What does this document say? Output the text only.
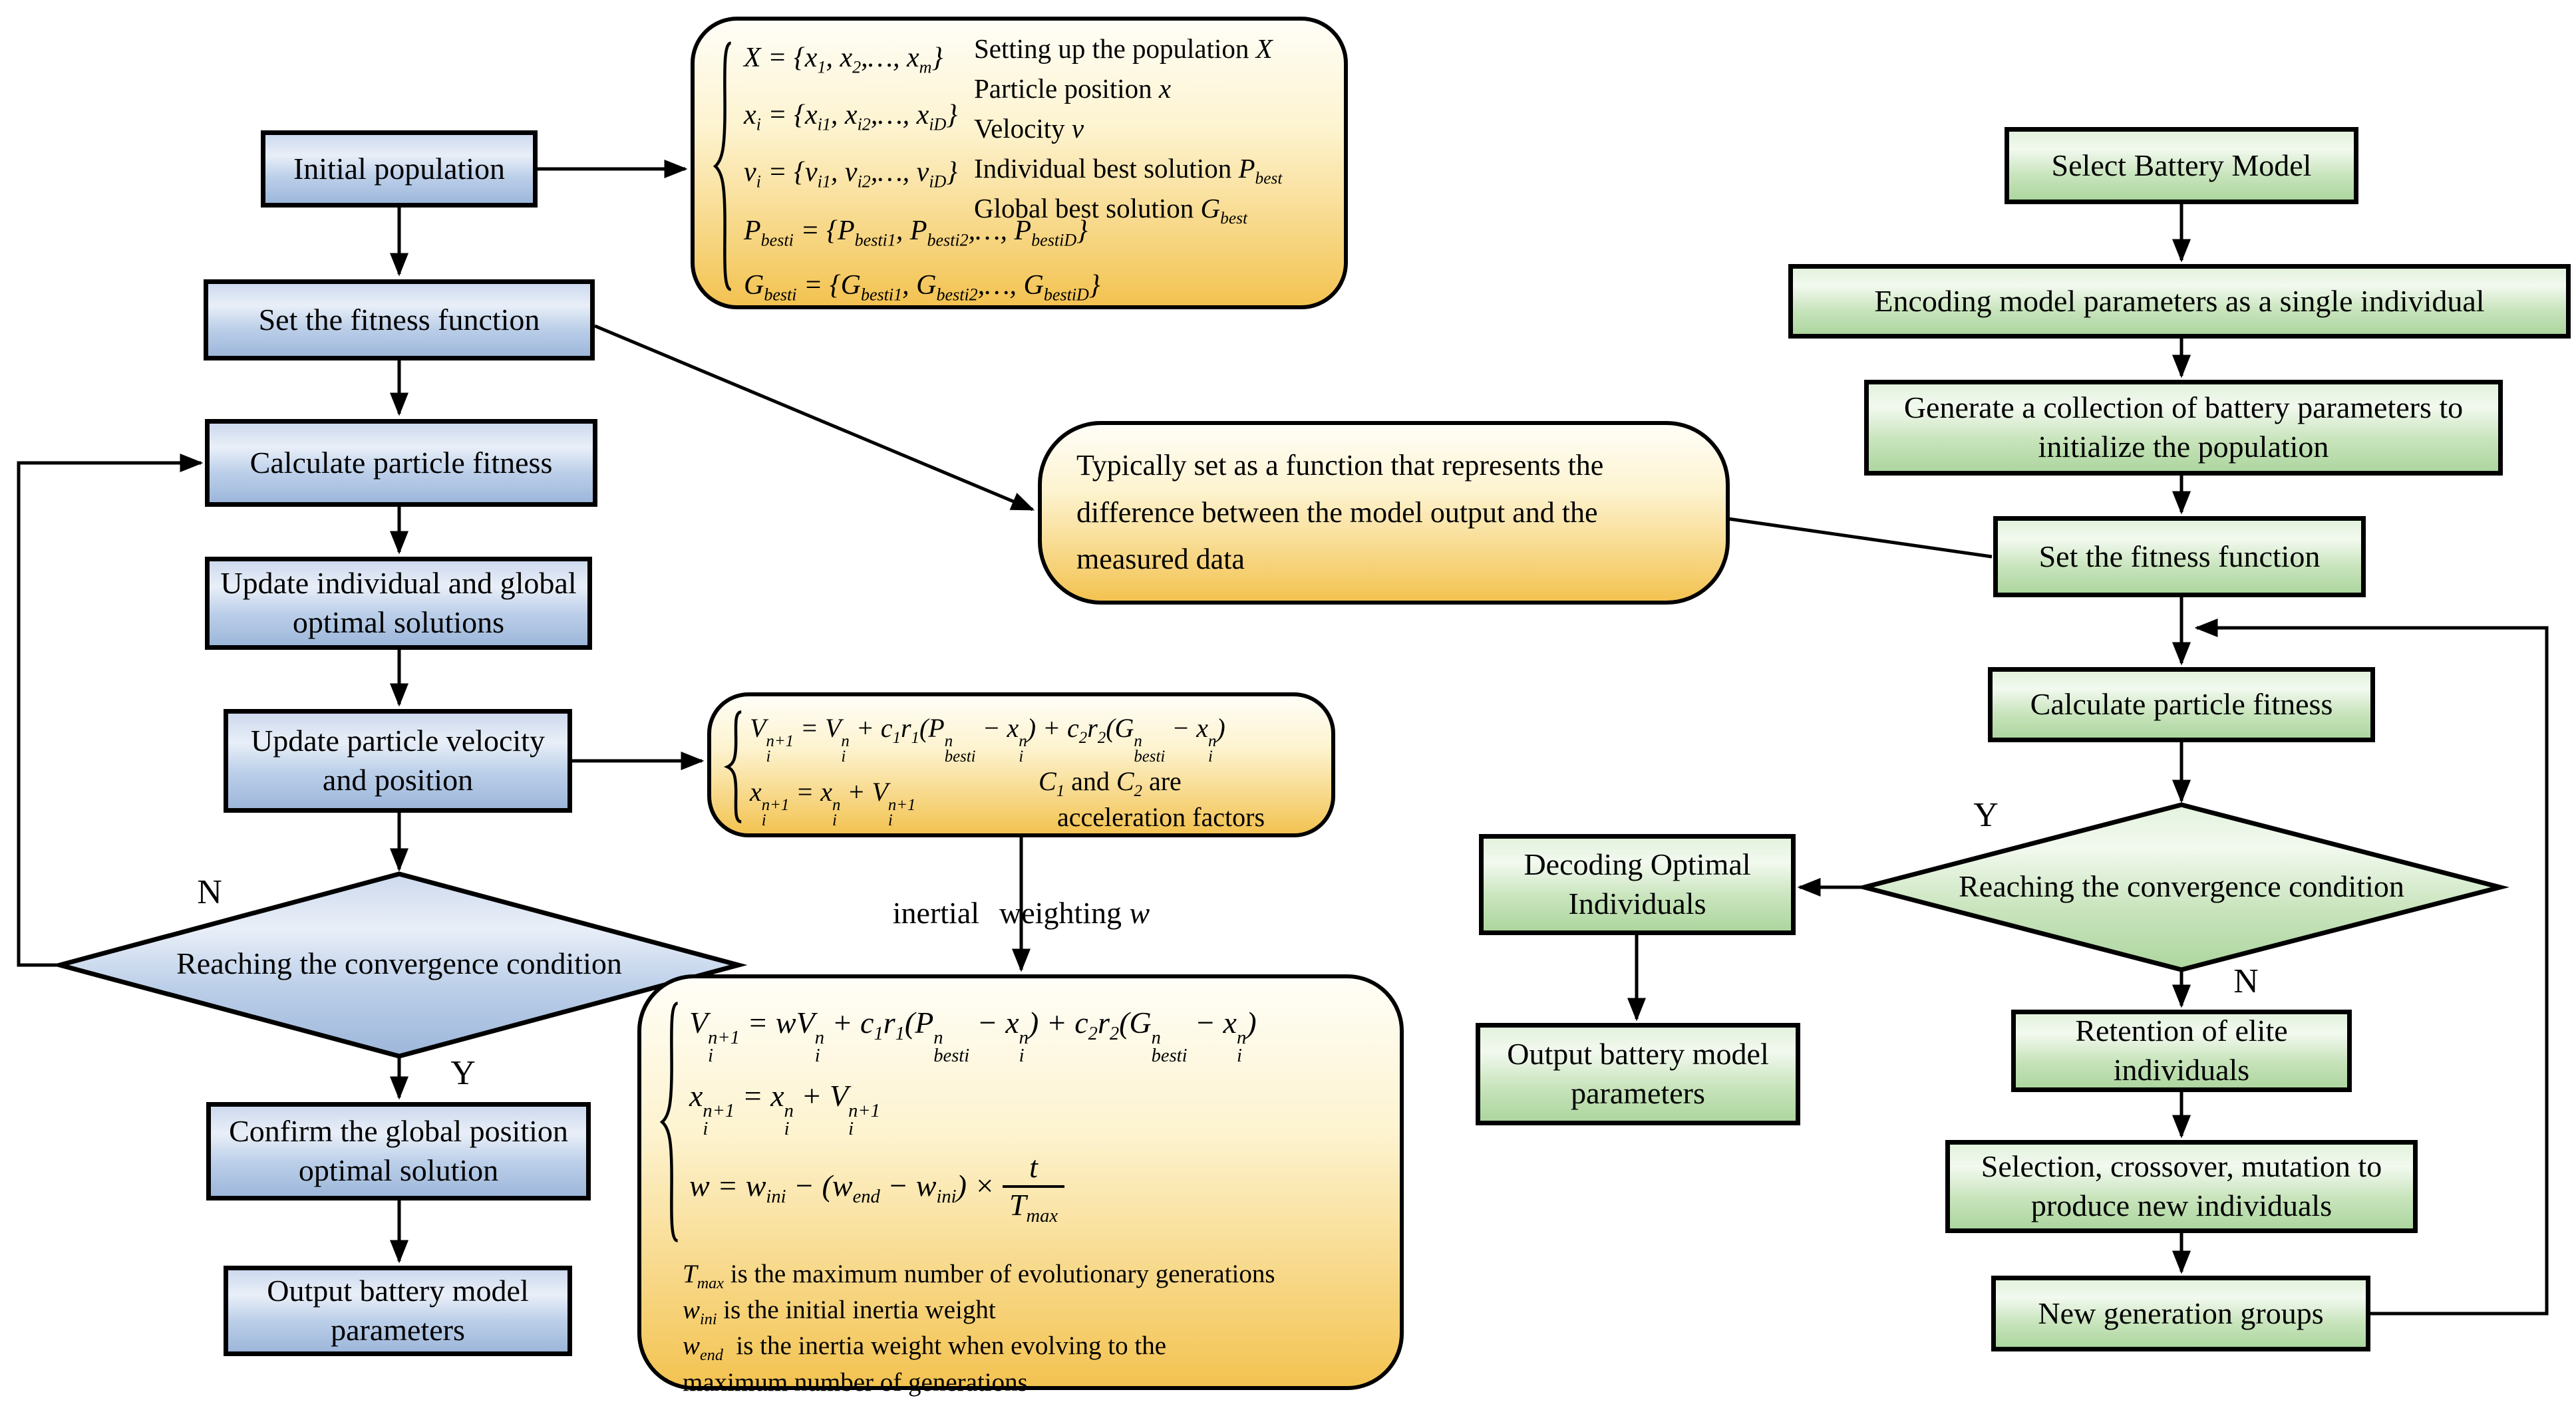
Initial population
Set the fitness function
Calculate particle fitness
Update individual and global optimal solutions
Update particle velocity and position
Reaching the convergence condition
Confirm the global position optimal solution
Output battery model parameters
N
Y
Select Battery Model
Encoding model parameters as a single individual
Generate a collection of battery parameters to initialize the population
Set the fitness function
Calculate particle fitness
Reaching the convergence condition
Decoding Optimal Individuals
Output battery model parameters
Retention of elite individuals
Selection, crossover, mutation to produce new individuals
New generation groups
Y
N
$X = \{x_1$, $x_2,\dots$, $x_m$}
$x_i = \{x_{i1}$, $x_{i2},\dots$, $x_{iD}$}
$v_i = \{v_{i1}$, $v_{i2},\dots$, $v_{iD}$}
$P_{besti} = \{P_{besti1}$, $P_{besti2},\dots$, $P_{bestiD}$}
$G_{besti} = \{G_{besti1}$, $G_{besti2},\dots$, $G_{bestiD}$}
Setting up the population X
Particle position x
Velocity v
Individual best solution $P_{best}$
Global best solution $G_{best}$
Typically set as a function that represents the difference between the model output and the measured data
V n+1
i
= V n
i
+ $c_1r_1(P$ n
besti
− x n
i
) + $c_2r_2(G$ n
besti
− x n
i
)
x n+1
i
= x n
i
+ V n+1
i
$C_1$ and $C_2$ are
acceleration factors
inertial weighting w
V n+1
i
= wV n
i
+ $c_1r_1(P$ n
besti
− x n
i
) + $c_2r_2(G$ n
besti
− x n
i
)
x n+1
i
= x n
i
+ V n+1
i
$w = w_{ini} - (w_{end} - w_{ini}) \times \frac{t}{T_{max}}$
$T_{max}$ is the maximum number of evolutionary generations
$w_{ini}$ is the initial inertia weight
$w_{end}$  is the inertia weight when evolving to the
maximum number of generations
